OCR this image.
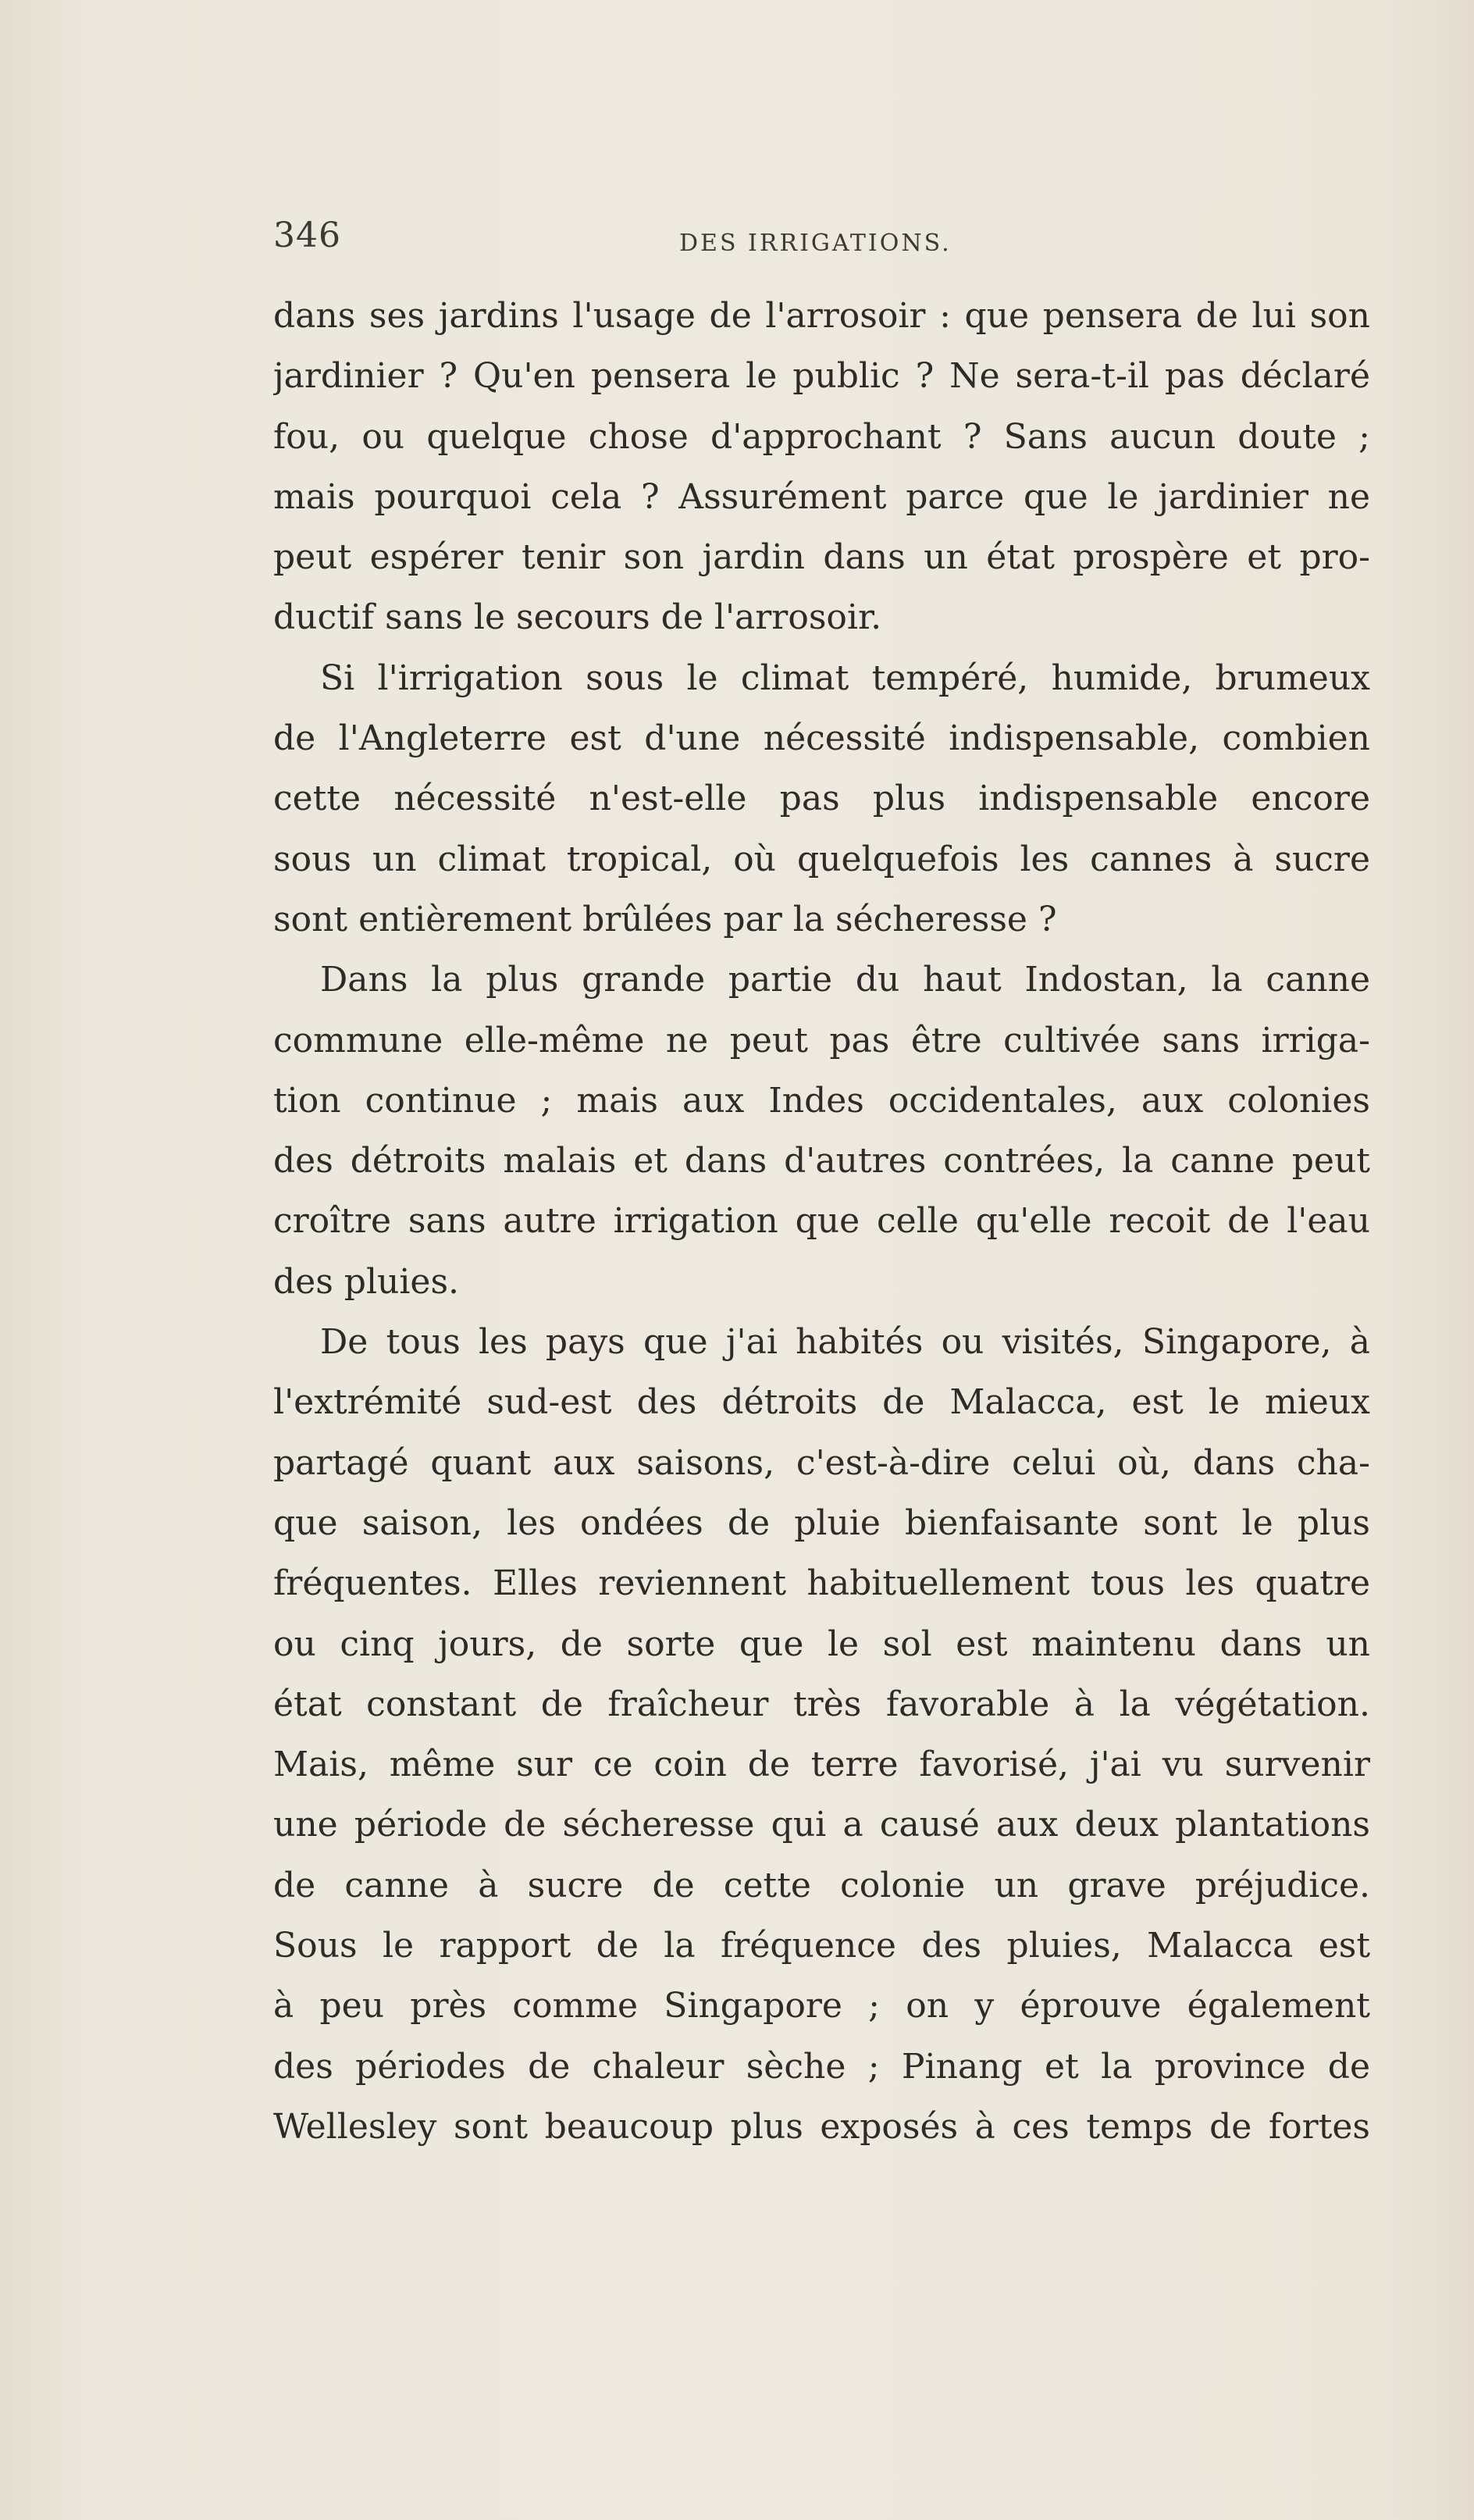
346	DES IRRIGATIONS.
dans ses jardins l'usage de l'arrosoir : que pensera de lui son
jardinier ? Qu'en pensera le public ? Ne sera-t-il pas déclaré
fou, ou quelque chose d'approchant ? Sans aucun doute ;
mais pourquoi cela ? Assurément parce que le jardinier ne
peut espérer tenir son jardin dans un état prospère et pro-
ductif sans le secours de l'arrosoir.
Si l'irrigation sous le climat tempéré, humide, brumeux
de l'Angleterre est d'une nécessité indispensable, combien
cette nécessité n'est-elle pas plus indispensable encore
sous un climat tropical, où quelquefois les cannes à sucre
sont entièrement brûlées par la sécheresse ?
Dans la plus grande partie du haut Indostan, la canne
commune elle-même ne peut pas être cultivée sans irriga-
tion continue ; mais aux Indes occidentales, aux colonies
des détroits malais et dans d'autres contrées, la canne peut
croître sans autre irrigation que celle qu'elle recoit de l'eau
des pluies.
De tous les pays que j'ai habités ou visités, Singapore, à
l'extrémité sud-est des détroits de Malacca, est le mieux
partagé quant aux saisons, c'est-à-dire celui où, dans cha-
que saison, les ondées de pluie bienfaisante sont le plus
fréquentes. Elles reviennent habituellement tous les quatre
ou cinq jours, de sorte que le sol est maintenu dans un
état constant de fraîcheur très favorable à la végétation.
Mais, même sur ce coin de terre favorisé, j'ai vu survenir
une période de sécheresse qui a causé aux deux plantations
de canne à sucre de cette colonie un grave préjudice.
Sous le rapport de la fréquence des pluies, Malacca est
à peu près comme Singapore ; on y éprouve également
des périodes de chaleur sèche ; Pinang et la province de
Wellesley sont beaucoup plus exposés à ces temps de fortes
